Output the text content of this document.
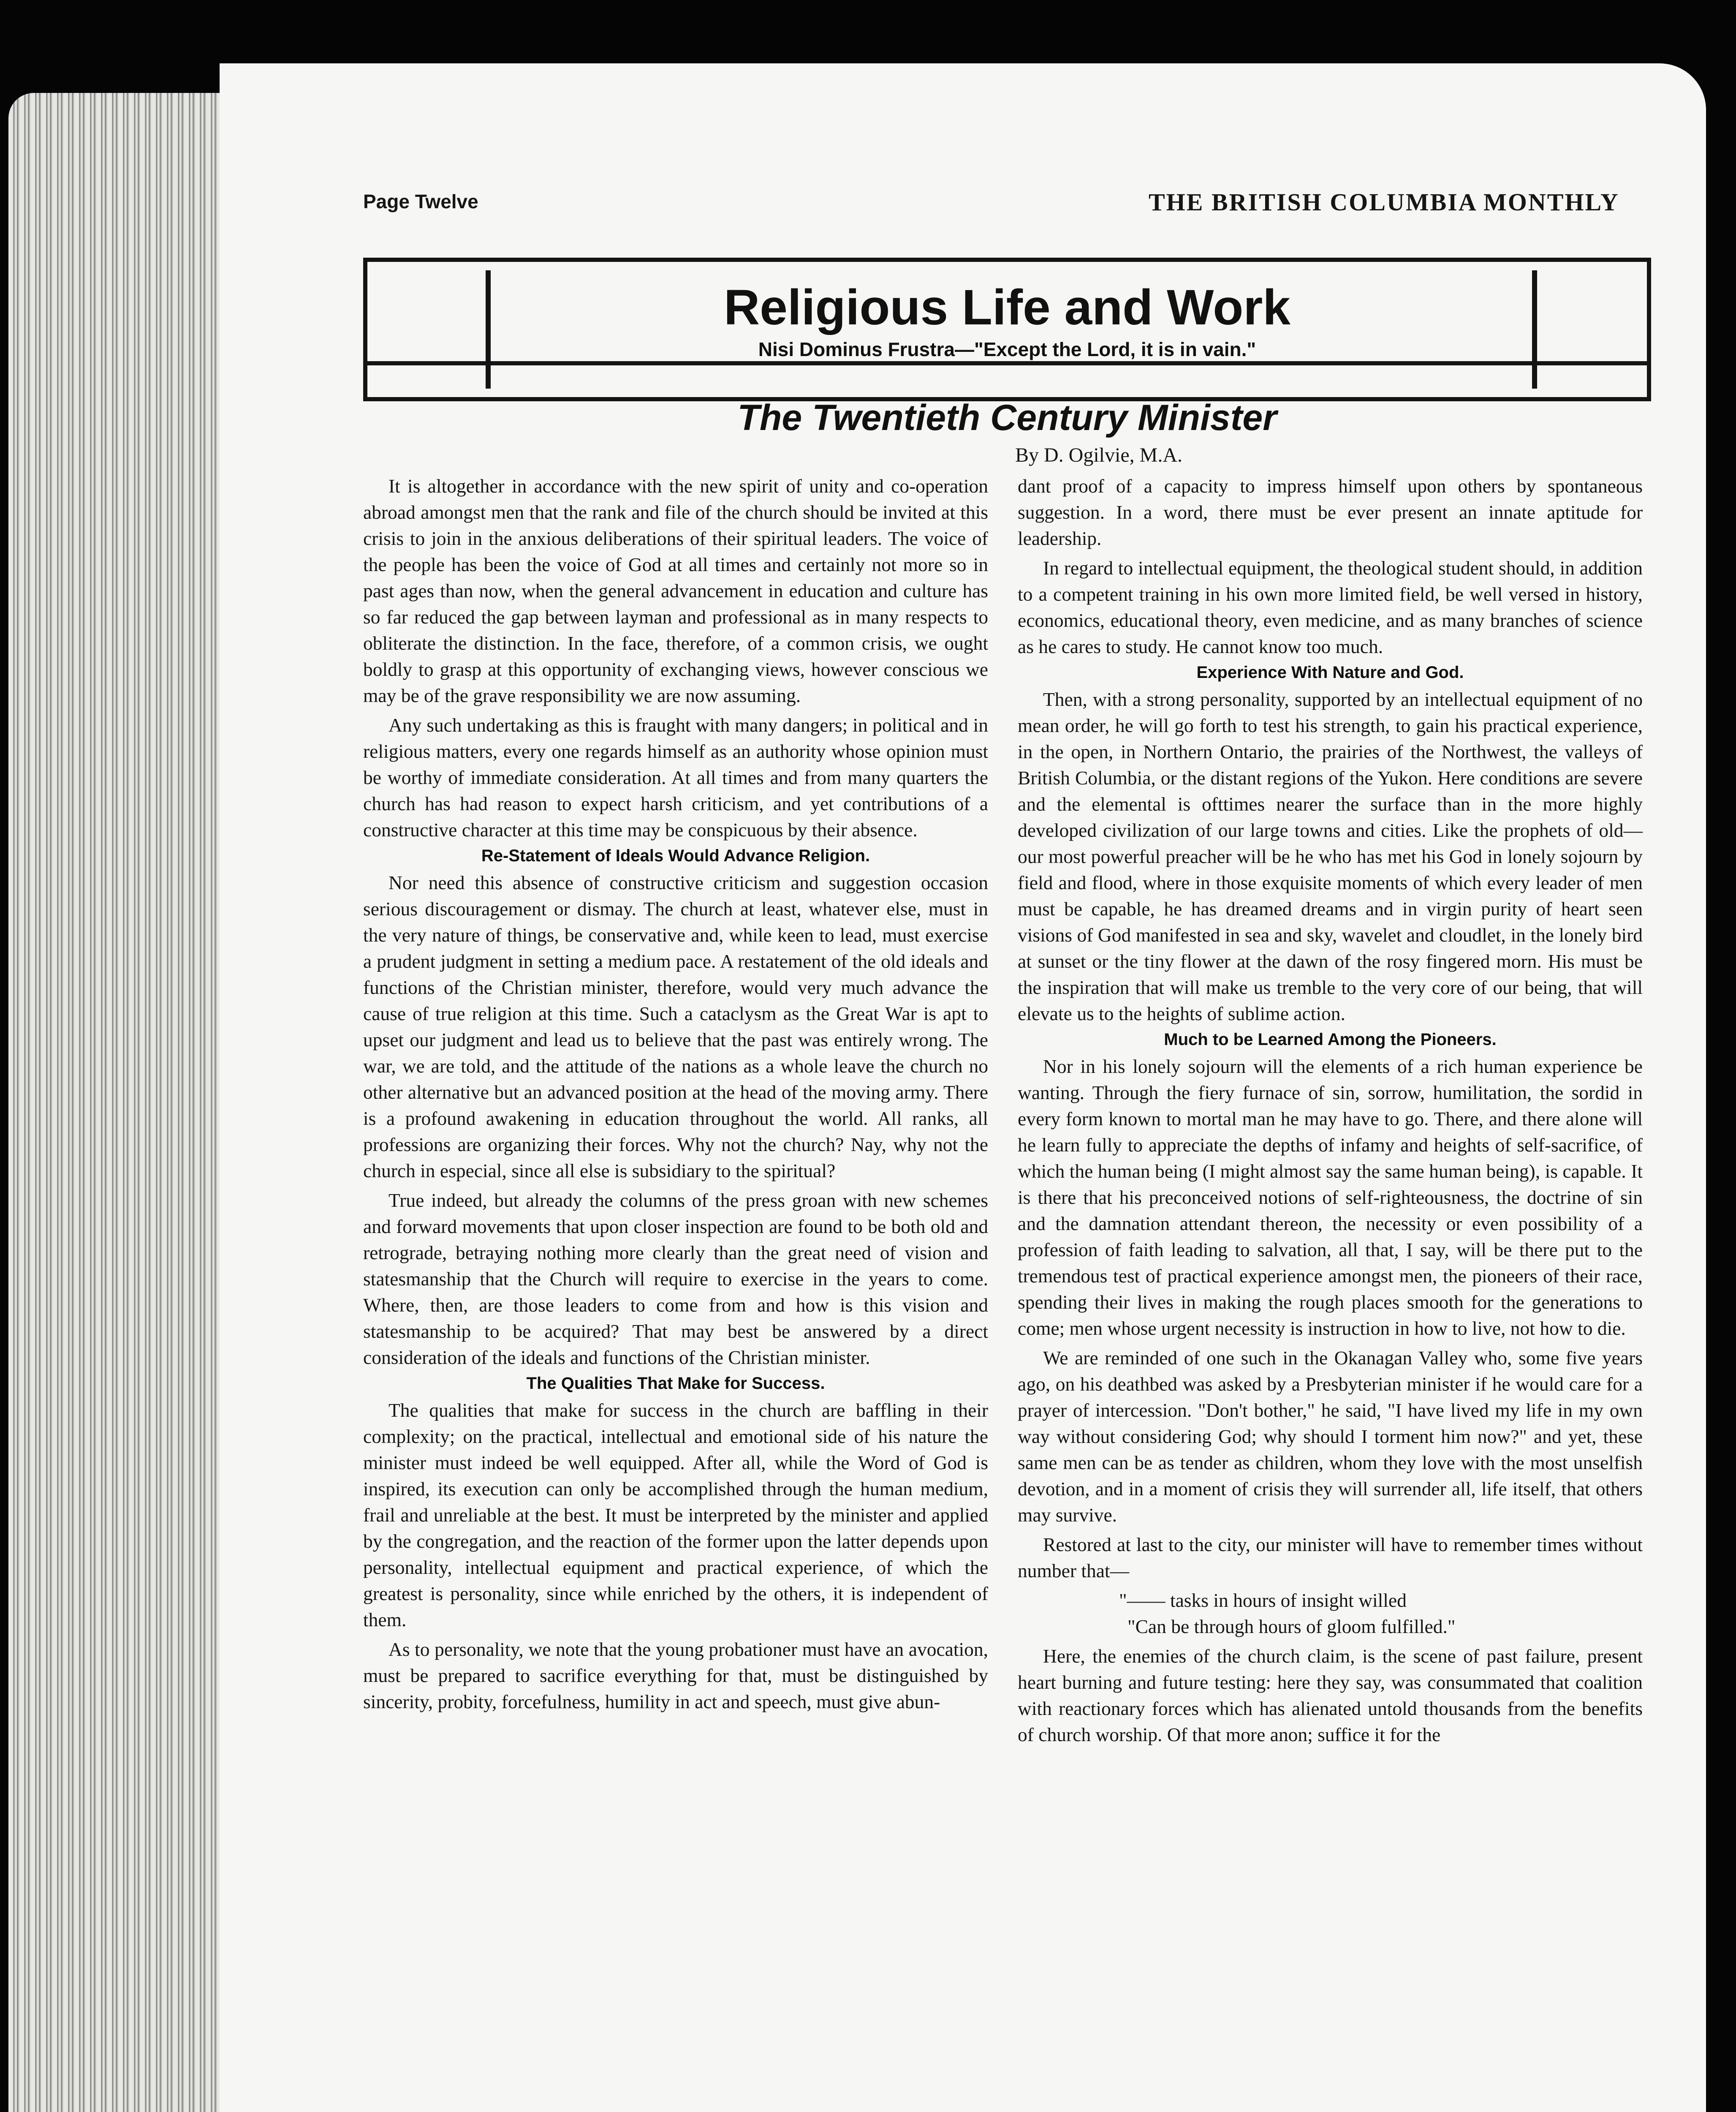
Page Twelve	THE BRITISH COLUMBIA MONTHLY
Religious Life and Work
Nisi Dominus Frustra—"Except the Lord, it is in vain."
The Twentieth Century Minister
By D. Ogilvie, M.A.

It is altogether in accordance with the new spirit of unity and co-operation abroad amongst men that the rank and file of the church should be invited at this crisis to join in the anxious deliberations of their spiritual leaders. The voice of the people has been the voice of God at all times and certainly not more so in past ages than now, when the general advancement in education and culture has so far reduced the gap between layman and professional as in many respects to obliterate the distinction. In the face, therefore, of a common crisis, we ought boldly to grasp at this opportunity of exchanging views, however conscious we may be of the grave responsibility we are now assuming.

Any such undertaking as this is fraught with many dangers; in political and in religious matters, every one regards himself as an authority whose opinion must be worthy of immediate consideration. At all times and from many quarters the church has had reason to expect harsh criticism, and yet contributions of a constructive character at this time may be conspicuous by their absence.

Re-Statement of Ideals Would Advance Religion.

Nor need this absence of constructive criticism and suggestion occasion serious discouragement or dismay. The church at least, whatever else, must in the very nature of things, be conservative and, while keen to lead, must exercise a prudent judgment in setting a medium pace. A restatement of the old ideals and functions of the Christian minister, therefore, would very much advance the cause of true religion at this time. Such a cataclysm as the Great War is apt to upset our judgment and lead us to believe that the past was entirely wrong. The war, we are told, and the attitude of the nations as a whole leave the church no other alternative but an advanced position at the head of the moving army. There is a profound awakening in education throughout the world. All ranks, all professions are organizing their forces. Why not the church? Nay, why not the church in especial, since all else is subsidiary to the spiritual?

True indeed, but already the columns of the press groan with new schemes and forward movements that upon closer inspection are found to be both old and retrograde, betraying nothing more clearly than the great need of vision and statesmanship that the Church will require to exercise in the years to come. Where, then, are those leaders to come from and how is this vision and statesmanship to be acquired? That may best be answered by a direct consideration of the ideals and functions of the Christian minister.

The Qualities That Make for Success.

The qualities that make for success in the church are baffling in their complexity; on the practical, intellectual and emotional side of his nature the minister must indeed be well equipped. After all, while the Word of God is inspired, its execution can only be accomplished through the human medium, frail and unreliable at the best. It must be interpreted by the minister and applied by the congregation, and the reaction of the former upon the latter depends upon personality, intellectual equipment and practical experience, of which the greatest is personality, since while enriched by the others, it is independent of them.

As to personality, we note that the young probationer must have an avocation, must be prepared to sacrifice everything for that, must be distinguished by sincerity, probity, forcefulness, humility in act and speech, must give abun-

dant proof of a capacity to impress himself upon others by spontaneous suggestion. In a word, there must be ever present an innate aptitude for leadership.

In regard to intellectual equipment, the theological student should, in addition to a competent training in his own more limited field, be well versed in history, economics, educational theory, even medicine, and as many branches of science as he cares to study. He cannot know too much.

Experience With Nature and God.

Then, with a strong personality, supported by an intellectual equipment of no mean order, he will go forth to test his strength, to gain his practical experience, in the open, in Northern Ontario, the prairies of the Northwest, the valleys of British Columbia, or the distant regions of the Yukon. Here conditions are severe and the elemental is ofttimes nearer the surface than in the more highly developed civilization of our large towns and cities. Like the prophets of old—our most powerful preacher will be he who has met his God in lonely sojourn by field and flood, where in those exquisite moments of which every leader of men must be capable, he has dreamed dreams and in virgin purity of heart seen visions of God manifested in sea and sky, wavelet and cloudlet, in the lonely bird at sunset or the tiny flower at the dawn of the rosy fingered morn. His must be the inspiration that will make us tremble to the very core of our being, that will elevate us to the heights of sublime action.

Much to be Learned Among the Pioneers.

Nor in his lonely sojourn will the elements of a rich human experience be wanting. Through the fiery furnace of sin, sorrow, humilitation, the sordid in every form known to mortal man he may have to go. There, and there alone will he learn fully to appreciate the depths of infamy and heights of self-sacrifice, of which the human being (I might almost say the same human being), is capable. It is there that his preconceived notions of self-righteousness, the doctrine of sin and the damnation attendant thereon, the necessity or even possibility of a profession of faith leading to salvation, all that, I say, will be there put to the tremendous test of practical experience amongst men, the pioneers of their race, spending their lives in making the rough places smooth for the generations to come; men whose urgent necessity is instruction in how to live, not how to die.

We are reminded of one such in the Okanagan Valley who, some five years ago, on his deathbed was asked by a Presbyterian minister if he would care for a prayer of intercession. "Don't bother," he said, "I have lived my life in my own way without considering God; why should I torment him now?" and yet, these same men can be as tender as children, whom they love with the most unselfish devotion, and in a moment of crisis they will surrender all, life itself, that others may survive.

Restored at last to the city, our minister will have to remember times without number that—

"—— tasks in hours of insight willed

"Can be through hours of gloom fulfilled."

Here, the enemies of the church claim, is the scene of past failure, present heart burning and future testing: here they say, was consummated that coalition with reactionary forces which has alienated untold thousands from the benefits of church worship. Of that more anon; suffice it for the
